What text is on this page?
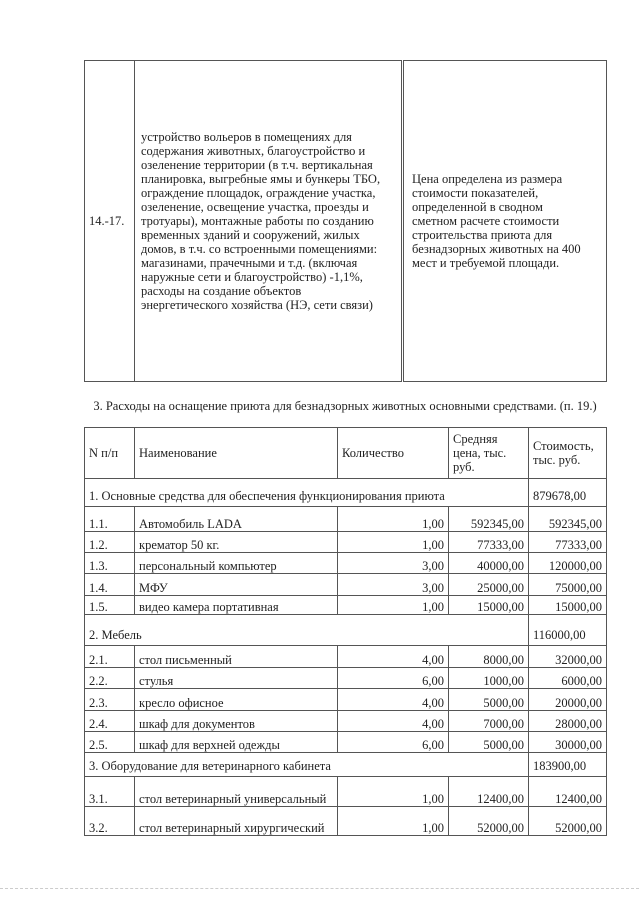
14.-17.	устройство вольеров в помещениях для содержания животных, благоустройство и озеленение территории (в т.ч. вертикальная планировка, выгребные ямы и бункеры ТБО, ограждение площадок, ограждение участка, озеленение, освещение участка, проезды и тротуары), монтажные работы по созданию временных зданий и сооружений, жилых домов, в т.ч. со встроенными помещениями: магазинами, прачечными и т.д. (включая наружные сети и благоустройство) -1,1%, расходы на создание объектов энергетического хозяйства (НЭ, сети связи)	Цена определена из размера стоимости показателей, определенной в сводном сметном расчете стоимости строительства приюта для безнадзорных животных на 400 мест и требуемой площади.
3. Расходы на оснащение приюта для безнадзорных животных основными средствами. (п. 19.)
N п/п	Наименование	Количество	Средняя цена, тыс. руб.	Стоимость, тыс. руб.
1. Основные средства для обеспечения функционирования приюта				879678,00
1.1.	Автомобиль LADA	1,00	592345,00	592345,00
1.2.	крематор 50 кг.	1,00	77333,00	77333,00
1.3.	персональный компьютер	3,00	40000,00	120000,00
1.4.	МФУ	3,00	25000,00	75000,00
1.5.	видео камера портативная	1,00	15000,00	15000,00
2. Мебель				116000,00
2.1.	стол письменный	4,00	8000,00	32000,00
2.2.	стулья	6,00	1000,00	6000,00
2.3.	кресло офисное	4,00	5000,00	20000,00
2.4.	шкаф для документов	4,00	7000,00	28000,00
2.5.	шкаф для верхней одежды	6,00	5000,00	30000,00
3. Оборудование для ветеринарного кабинета				183900,00
3.1.	стол ветеринарный универсальный	1,00	12400,00	12400,00
3.2.	стол ветеринарный хирургический	1,00	52000,00	52000,00
